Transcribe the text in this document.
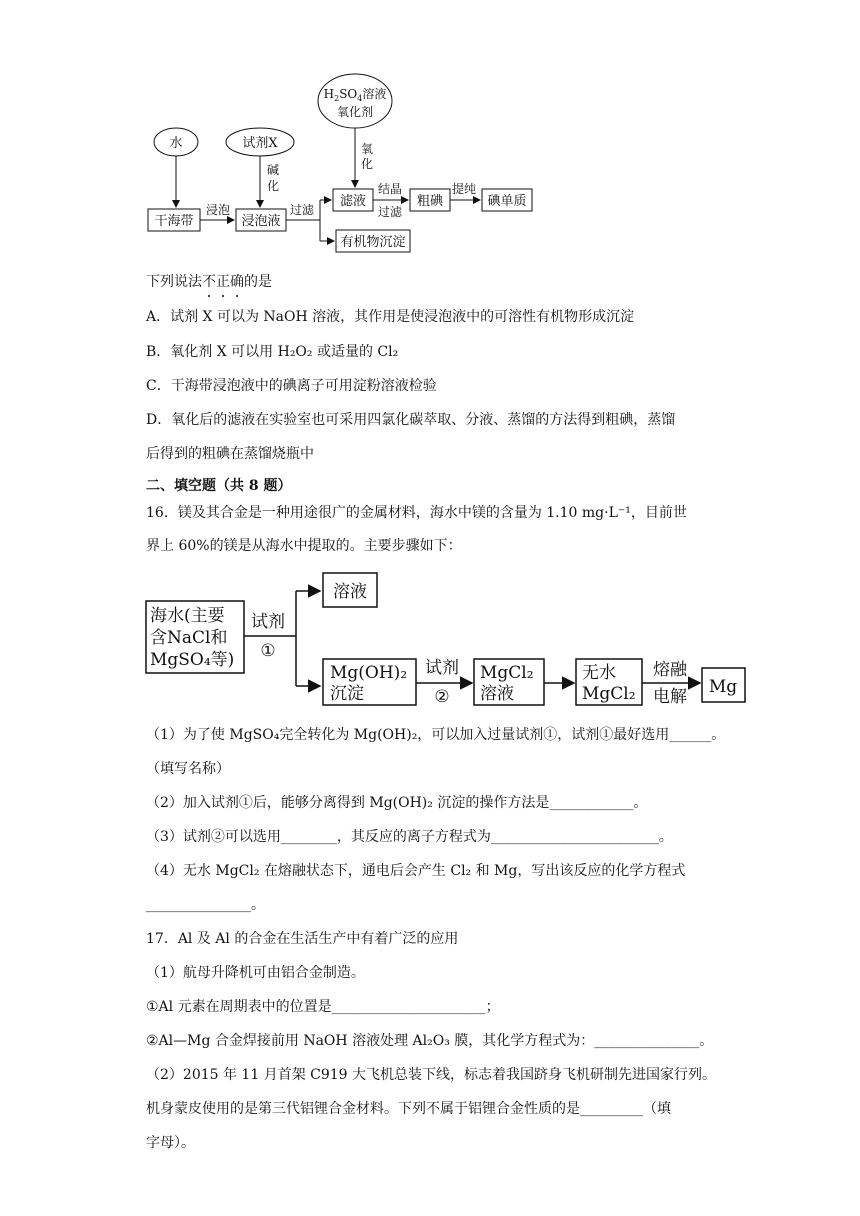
水	试剂X
$H_2SO_4$溶液
氧化剂
干海带	浸泡液
滤液	粗碘	碘单质
有机物沉淀
浸泡
碱
化
过滤
氧
化
结晶
过滤
提纯
下列说法不正确的是
A．试剂 X 可以为 NaOH 溶液，其作用是使浸泡液中的可溶性有机物形成沉淀
B．氧化剂 X 可以用 H₂O₂ 或适量的 Cl₂
C．干海带浸泡液中的碘离子可用淀粉溶液检验
D．氧化后的滤液在实验室也可采用四氯化碳萃取、分液、蒸馏的方法得到粗碘，蒸馏
后得到的粗碘在蒸馏烧瓶中
二、填空题（共 8 题）
16．镁及其合金是一种用途很广的金属材料，海水中镁的含量为 1.10 mg·L⁻¹，目前世
界上 60%的镁是从海水中提取的。主要步骤如下：
海水(主要
含NaCl和
MgSO₄等)
试剂
①
溶液
Mg(OH)₂
沉淀
试剂
②
MgCl₂
溶液
无水
MgCl₂
熔融
电解 Mg
（1）为了使 MgSO₄完全转化为 Mg(OH)₂，可以加入过量试剂①，试剂①最好选用______。
（填写名称）
（2）加入试剂①后，能够分离得到 Mg(OH)₂ 沉淀的操作方法是____________。
（3）试剂②可以选用________，其反应的离子方程式为________________________。
（4）无水 MgCl₂ 在熔融状态下，通电后会产生 Cl₂ 和 Mg，写出该反应的化学方程式
_______________。
17．Al 及 Al 的合金在生活生产中有着广泛的应用
（1）航母升降机可由铝合金制造。
①Al 元素在周期表中的位置是______________________；
②Al—Mg 合金焊接前用 NaOH 溶液处理 Al₂O₃ 膜，其化学方程式为：_______________。
（2）2015 年 11 月首架 C919 大飞机总装下线，标志着我国跻身飞机研制先进国家行列。
机身蒙皮使用的是第三代铝锂合金材料。下列不属于铝锂合金性质的是_________（填
字母）。
